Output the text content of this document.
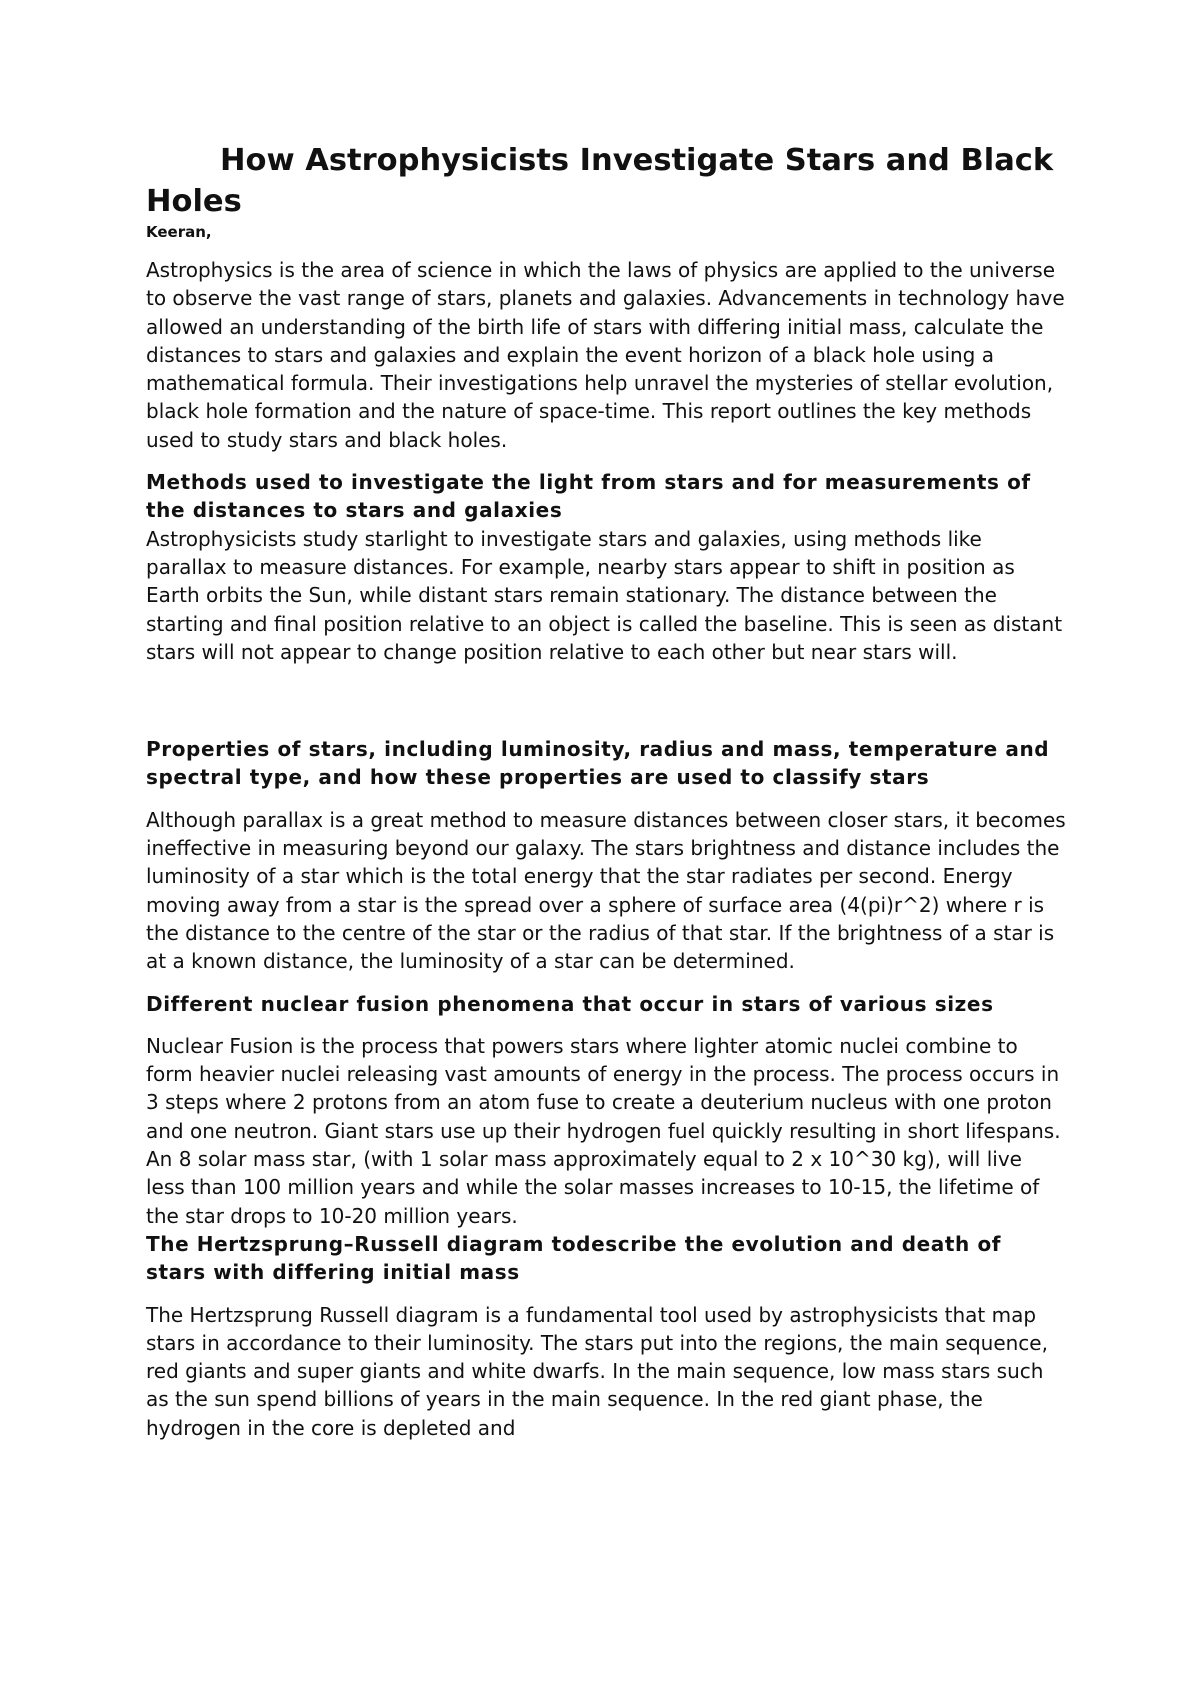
How Astrophysicists Investigate Stars and Black Holes

Keeran,

Astrophysics is the area of science in which the laws of physics are applied to the universe to observe the vast range of stars, planets and galaxies. Advancements in technology have allowed an understanding of the birth life of stars with differing initial mass, calculate the distances to stars and galaxies and explain the event horizon of a black hole using a mathematical formula. Their investigations help unravel the mysteries of stellar evolution, black hole formation and the nature of space-time. This report outlines the key methods used to study stars and black holes.

Methods used to investigate the light from stars and for measurements of the distances to stars and galaxies

Astrophysicists study starlight to investigate stars and galaxies, using methods like parallax to measure distances. For example, nearby stars appear to shift in position as Earth orbits the Sun, while distant stars remain stationary. The distance between the starting and final position relative to an object is called the baseline. This is seen as distant stars will not appear to change position relative to each other but near stars will.

Properties of stars, including luminosity, radius and mass, temperature and spectral type, and how these properties are used to classify stars

Although parallax is a great method to measure distances between closer stars, it becomes ineffective in measuring beyond our galaxy. The stars brightness and distance includes the luminosity of a star which is the total energy that the star radiates per second. Energy moving away from a star is the spread over a sphere of surface area (4(pi)r^2) where r is the distance to the centre of the star or the radius of that star. If the brightness of a star is at a known distance, the luminosity of a star can be determined.

Different nuclear fusion phenomena that occur in stars of various sizes

Nuclear Fusion is the process that powers stars where lighter atomic nuclei combine to form heavier nuclei releasing vast amounts of energy in the process. The process occurs in 3 steps where 2 protons from an atom fuse to create a deuterium nucleus with one proton and one neutron. Giant stars use up their hydrogen fuel quickly resulting in short lifespans. An 8 solar mass star, (with 1 solar mass approximately equal to 2 x 10^30 kg), will live less than 100 million years and while the solar masses increases to 10-15, the lifetime of the star drops to 10-20 million years.

The Hertzsprung–Russell diagram todescribe the evolution and death of stars with differing initial mass

The Hertzsprung Russell diagram is a fundamental tool used by astrophysicists that map stars in accordance to their luminosity. The stars put into the regions, the main sequence, red giants and super giants and white dwarfs. In the main sequence, low mass stars such as the sun spend billions of years in the main sequence. In the red giant phase, the hydrogen in the core is depleted and
